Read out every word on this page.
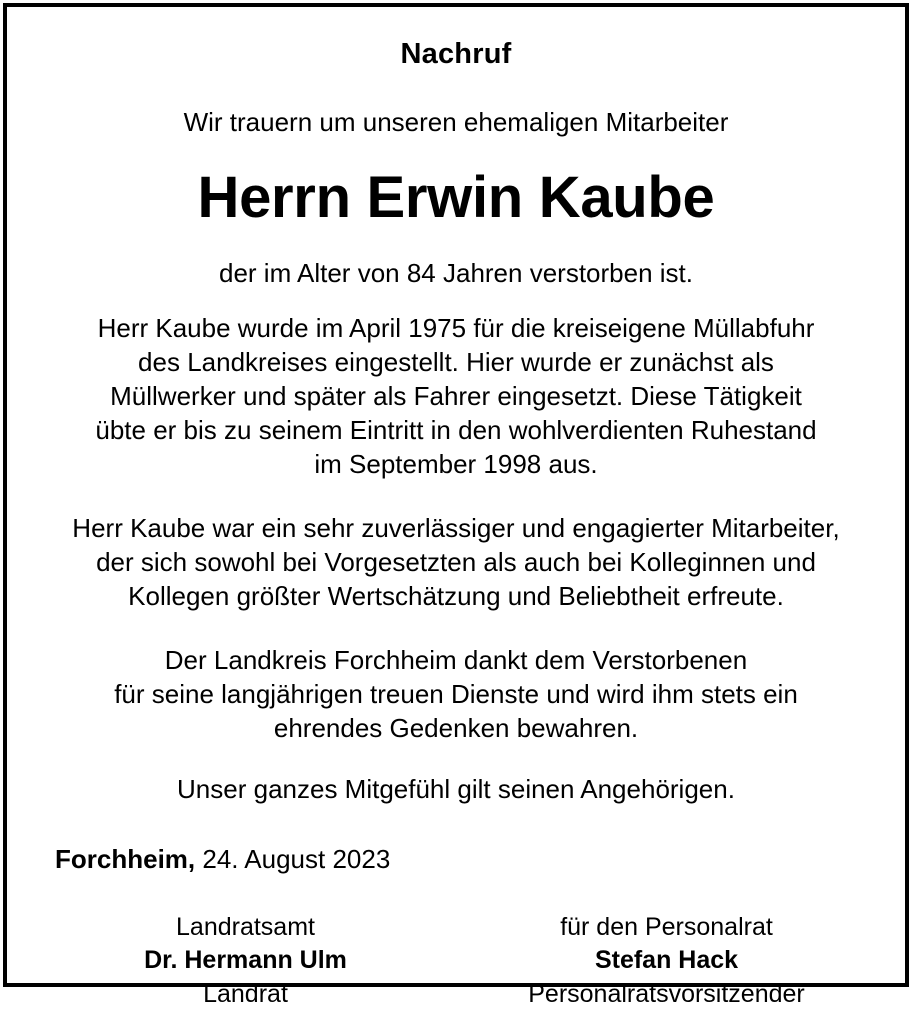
Nachruf
Wir trauern um unseren ehemaligen Mitarbeiter
Herrn Erwin Kaube
der im Alter von 84 Jahren verstorben ist.
Herr Kaube wurde im April 1975 für die kreiseigene Müllabfuhr
des Landkreises eingestellt. Hier wurde er zunächst als
Müllwerker und später als Fahrer eingesetzt. Diese Tätigkeit
übte er bis zu seinem Eintritt in den wohlverdienten Ruhestand
im September 1998 aus.
Herr Kaube war ein sehr zuverlässiger und engagierter Mitarbeiter,
der sich sowohl bei Vorgesetzten als auch bei Kolleginnen und
Kollegen größter Wertschätzung und Beliebtheit erfreute.
Der Landkreis Forchheim dankt dem Verstorbenen
für seine langjährigen treuen Dienste und wird ihm stets ein
ehrendes Gedenken bewahren.
Unser ganzes Mitgefühl gilt seinen Angehörigen.
Forchheim, 24. August 2023
Landratsamt
Dr. Hermann Ulm
Landrat
für den Personalrat
Stefan Hack
Personalratsvorsitzender
